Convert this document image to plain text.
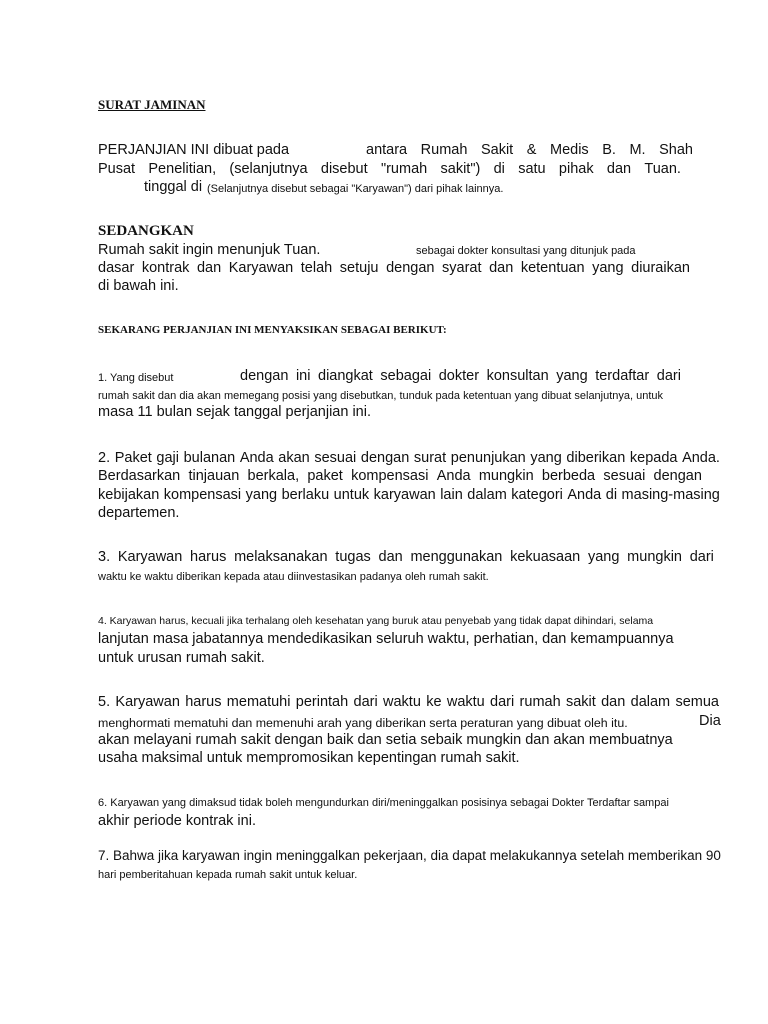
SURAT JAMINAN
PERJANJIAN INI dibuat pada	antara Rumah Sakit & Medis B. M. Shah
Pusat Penelitian, (selanjutnya disebut "rumah sakit") di satu pihak dan Tuan.
tinggal di (Selanjutnya disebut sebagai "Karyawan") dari pihak lainnya.
SEDANGKAN
Rumah sakit ingin menunjuk Tuan.	sebagai dokter konsultasi yang ditunjuk pada
dasar kontrak dan Karyawan telah setuju dengan syarat dan ketentuan yang diuraikan
di bawah ini.
SEKARANG PERJANJIAN INI MENYAKSIKAN SEBAGAI BERIKUT:
1. Yang disebut	dengan ini diangkat sebagai dokter konsultan yang terdaftar dari
rumah sakit dan dia akan memegang posisi yang disebutkan, tunduk pada ketentuan yang dibuat selanjutnya, untuk
masa 11 bulan sejak tanggal perjanjian ini.
2. Paket gaji bulanan Anda akan sesuai dengan surat penunjukan yang diberikan kepada Anda.
Berdasarkan tinjauan berkala, paket kompensasi Anda mungkin berbeda sesuai dengan
kebijakan kompensasi yang berlaku untuk karyawan lain dalam kategori Anda di masing-masing
departemen.
3. Karyawan harus melaksanakan tugas dan menggunakan kekuasaan yang mungkin dari
waktu ke waktu diberikan kepada atau diinvestasikan padanya oleh rumah sakit.
4. Karyawan harus, kecuali jika terhalang oleh kesehatan yang buruk atau penyebab yang tidak dapat dihindari, selama
lanjutan masa jabatannya mendedikasikan seluruh waktu, perhatian, dan kemampuannya
untuk urusan rumah sakit.
5. Karyawan harus mematuhi perintah dari waktu ke waktu dari rumah sakit dan dalam semua
menghormati mematuhi dan memenuhi arah yang diberikan serta peraturan yang dibuat oleh itu.	Dia
akan melayani rumah sakit dengan baik dan setia sebaik mungkin dan akan membuatnya
usaha maksimal untuk mempromosikan kepentingan rumah sakit.
6. Karyawan yang dimaksud tidak boleh mengundurkan diri/meninggalkan posisinya sebagai Dokter Terdaftar sampai
akhir periode kontrak ini.
7. Bahwa jika karyawan ingin meninggalkan pekerjaan, dia dapat melakukannya setelah memberikan 90
hari pemberitahuan kepada rumah sakit untuk keluar.
